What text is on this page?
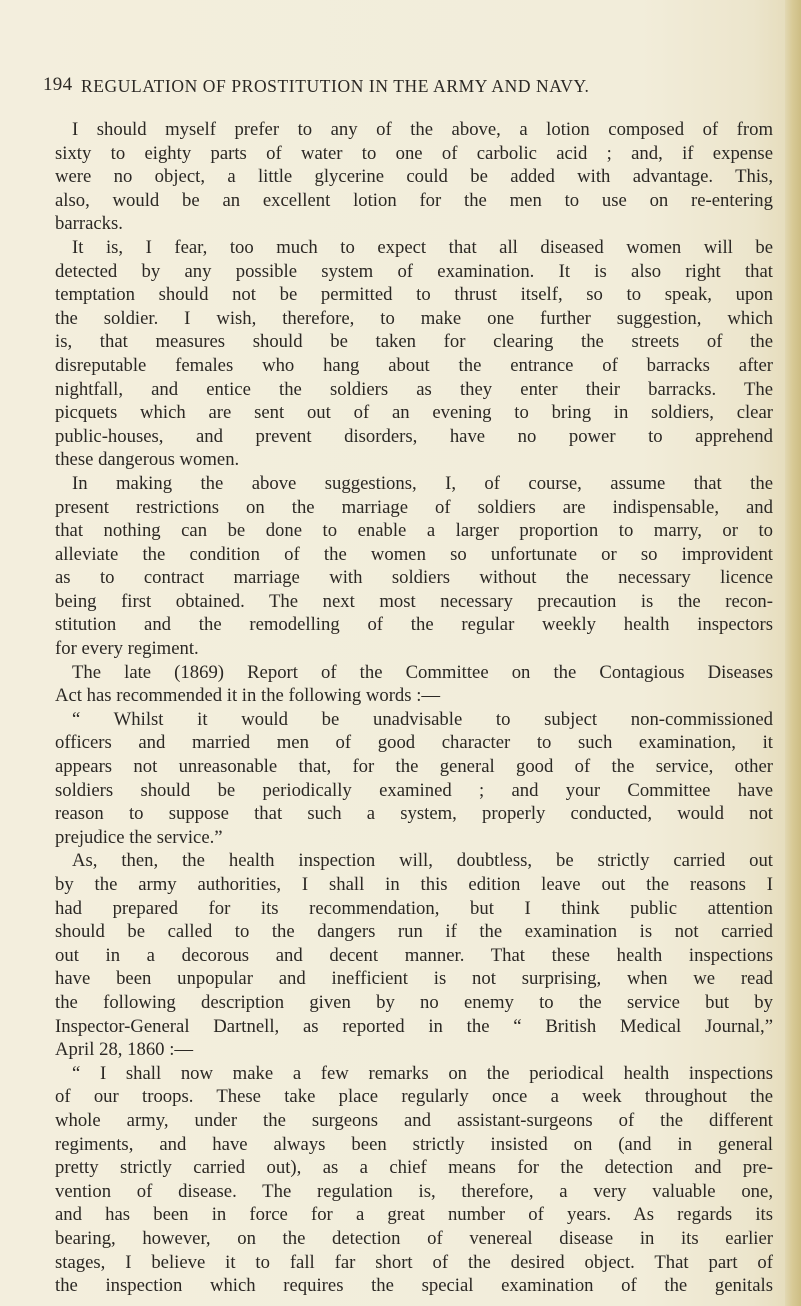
194 REGULATION OF PROSTITUTION IN THE ARMY AND NAVY.
I should myself prefer to any of the above, a lotion composed of from
sixty to eighty parts of water to one of carbolic acid ; and, if expense
were no object, a little glycerine could be added with advantage. This,
also, would be an excellent lotion for the men to use on re-entering
barracks.
It is, I fear, too much to expect that all diseased women will be
detected by any possible system of examination. It is also right that
temptation should not be permitted to thrust itself, so to speak, upon
the soldier. I wish, therefore, to make one further suggestion, which
is, that measures should be taken for clearing the streets of the
disreputable females who hang about the entrance of barracks after
nightfall, and entice the soldiers as they enter their barracks. The
picquets which are sent out of an evening to bring in soldiers, clear
public-houses, and prevent disorders, have no power to apprehend
these dangerous women.
In making the above suggestions, I, of course, assume that the
present restrictions on the marriage of soldiers are indispensable, and
that nothing can be done to enable a larger proportion to marry, or to
alleviate the condition of the women so unfortunate or so improvident
as to contract marriage with soldiers without the necessary licence
being first obtained. The next most necessary precaution is the recon-
stitution and the remodelling of the regular weekly health inspectors
for every regiment.
The late (1869) Report of the Committee on the Contagious Diseases
Act has recommended it in the following words :—
“ Whilst it would be unadvisable to subject non-commissioned
officers and married men of good character to such examination, it
appears not unreasonable that, for the general good of the service, other
soldiers should be periodically examined ; and your Committee have
reason to suppose that such a system, properly conducted, would not
prejudice the service.”
As, then, the health inspection will, doubtless, be strictly carried out
by the army authorities, I shall in this edition leave out the reasons I
had prepared for its recommendation, but I think public attention
should be called to the dangers run if the examination is not carried
out in a decorous and decent manner. That these health inspections
have been unpopular and inefficient is not surprising, when we read
the following description given by no enemy to the service but by
Inspector-General Dartnell, as reported in the “ British Medical Journal,”
April 28, 1860 :—
“ I shall now make a few remarks on the periodical health inspections
of our troops. These take place regularly once a week throughout the
whole army, under the surgeons and assistant-surgeons of the different
regiments, and have always been strictly insisted on (and in general
pretty strictly carried out), as a chief means for the detection and pre-
vention of disease. The regulation is, therefore, a very valuable one,
and has been in force for a great number of years. As regards its
bearing, however, on the detection of venereal disease in its earlier
stages, I believe it to fall far short of the desired object. That part of
the inspection which requires the special examination of the genitals
